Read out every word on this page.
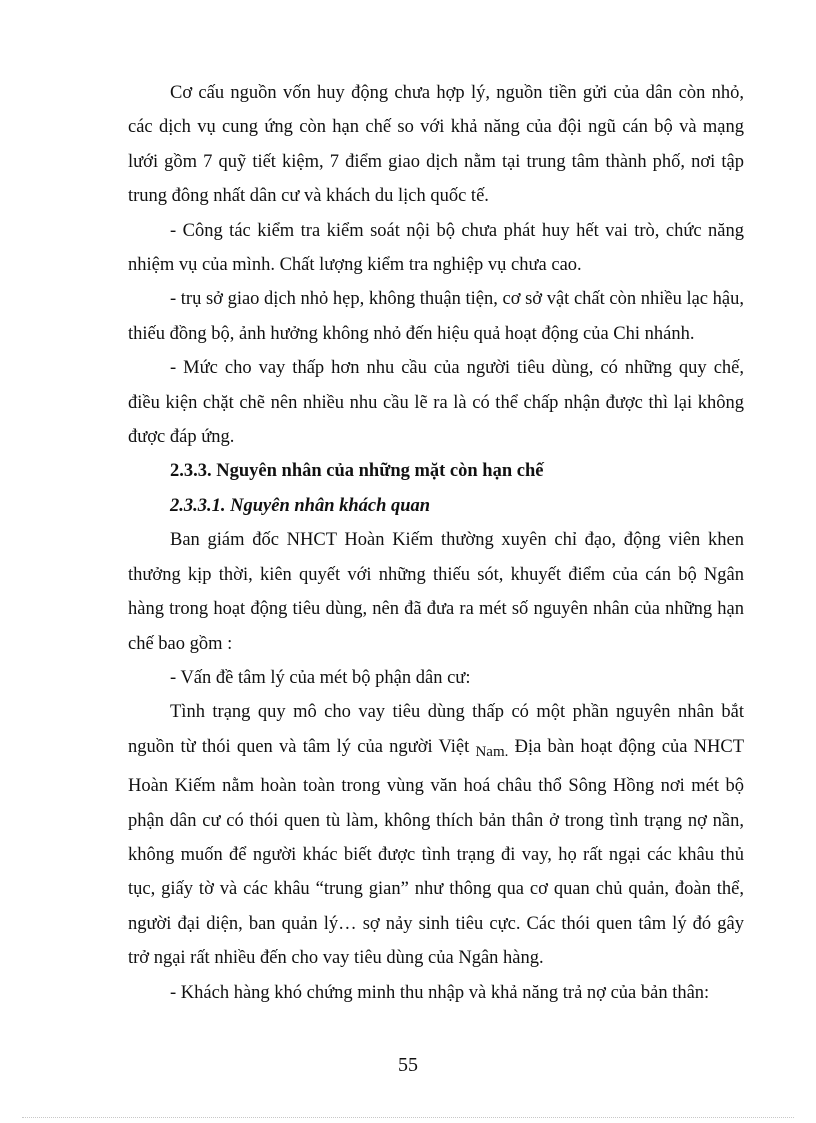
Cơ cấu nguồn vốn huy động chưa hợp lý, nguồn tiền gửi của dân còn nhỏ, các dịch vụ cung ứng còn hạn chế so với khả năng của đội ngũ cán bộ và mạng lưới gồm 7 quỹ tiết kiệm, 7 điểm giao dịch nằm tại trung tâm thành phố, nơi tập trung đông nhất dân cư và khách du lịch quốc tế.

- Công tác kiểm tra kiểm soát nội bộ chưa phát huy hết vai trò, chức năng nhiệm vụ của mình. Chất lượng kiểm tra nghiệp vụ chưa cao.

- trụ sở giao dịch nhỏ hẹp, không thuận tiện, cơ sở vật chất còn nhiều lạc hậu, thiếu đồng bộ, ảnh hưởng không nhỏ đến hiệu quả hoạt động của Chi nhánh.

- Mức cho vay thấp hơn nhu cầu của người tiêu dùng, có những quy chế, điều kiện chặt chẽ nên nhiều nhu cầu lẽ ra là có thể chấp nhận được thì lại không được đáp ứng.

2.3.3. Nguyên nhân của những mặt còn hạn chế
2.3.3.1. Nguyên nhân khách quan

Ban giám đốc NHCT Hoàn Kiếm thường xuyên chỉ đạo, động viên khen thưởng kịp thời, kiên quyết với những thiếu sót, khuyết điểm của cán bộ Ngân hàng trong hoạt động tiêu dùng, nên đã đưa ra mét số nguyên nhân của những hạn chế bao gồm :

- Vấn đề tâm lý của mét bộ phận dân cư:

Tình trạng quy mô cho vay tiêu dùng thấp có một phần nguyên nhân bắt nguồn từ thói quen và tâm lý của người Việt $_{Nam.}$ Địa bàn hoạt động của NHCT Hoàn Kiếm nằm hoàn toàn trong vùng văn hoá châu thổ Sông Hồng nơi mét bộ phận dân cư có thói quen tù làm, không thích bản thân ở trong tình trạng nợ nần, không muốn để người khác biết được tình trạng đi vay, họ rất ngại các khâu thủ tục, giấy tờ và các khâu “trung gian” như thông qua cơ quan chủ quản, đoàn thể, người đại diện, ban quản lý… sợ nảy sinh tiêu cực. Các thói quen tâm lý đó gây trở ngại rất nhiều đến cho vay tiêu dùng của Ngân hàng.

- Khách hàng khó chứng minh thu nhập và khả năng trả nợ của bản thân:

55
